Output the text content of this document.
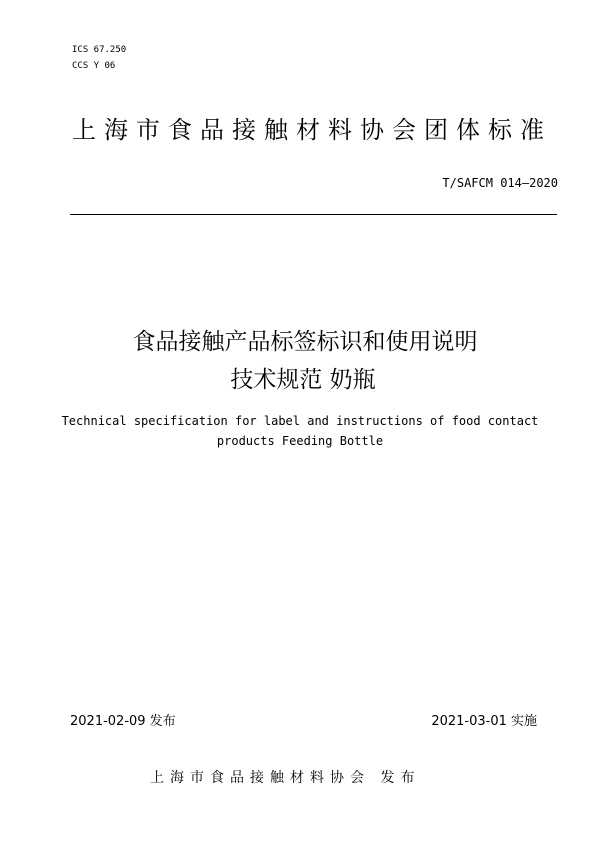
ICS 67.250
CCS Y 06
上海市食品接触材料协会团体标准
T/SAFCM 014—2020
食品接触产品标签标识和使用说明
技术规范 奶瓶
Technical specification for label and instructions of food contact
products Feeding Bottle
2021-02-09 发布	2021-03-01 实施
上海市食品接触材料协会 发布
